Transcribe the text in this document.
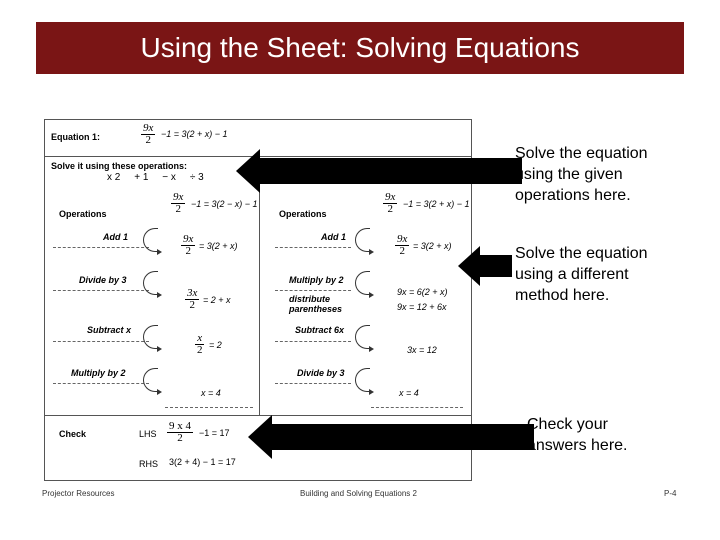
Using the Sheet: Solving Equations
Equation 1:	$\frac{9x}{2} -1 = 3(2 + x) - 1$
Solve it using these operations:
x 2     + 1     − x     ÷ 3
Operations	$\frac{9x}{2} -1 = 3(2 - x) - 1$
Add 1	$\frac{9x}{2} = 3(2 + x)$
Divide by 3
$\frac{3x}{2} = 2 + x$
Subtract x
$\frac{x}{2} = 2$
Multiply by 2
x = 4
Operations	$\frac{9x}{2} -1 = 3(2 + x) - 1$
Add 1	$\frac{9x}{2} = 3(2 + x)$
Multiply by 2
9x = 6(2 + x)
distribute parentheses	9x = 12 + 6x
Subtract 6x
3x = 12
Divide by 3
x = 4
Check	LHS $\frac{9 x 4}{2} -1 = 17$
RHS 3(2 + 4) − 1 = 17
Solve the equation using the given operations here.
Solve the equation using a different method here.
Check your answers here.
Projector Resources	Building and Solving Equations 2	P-4
